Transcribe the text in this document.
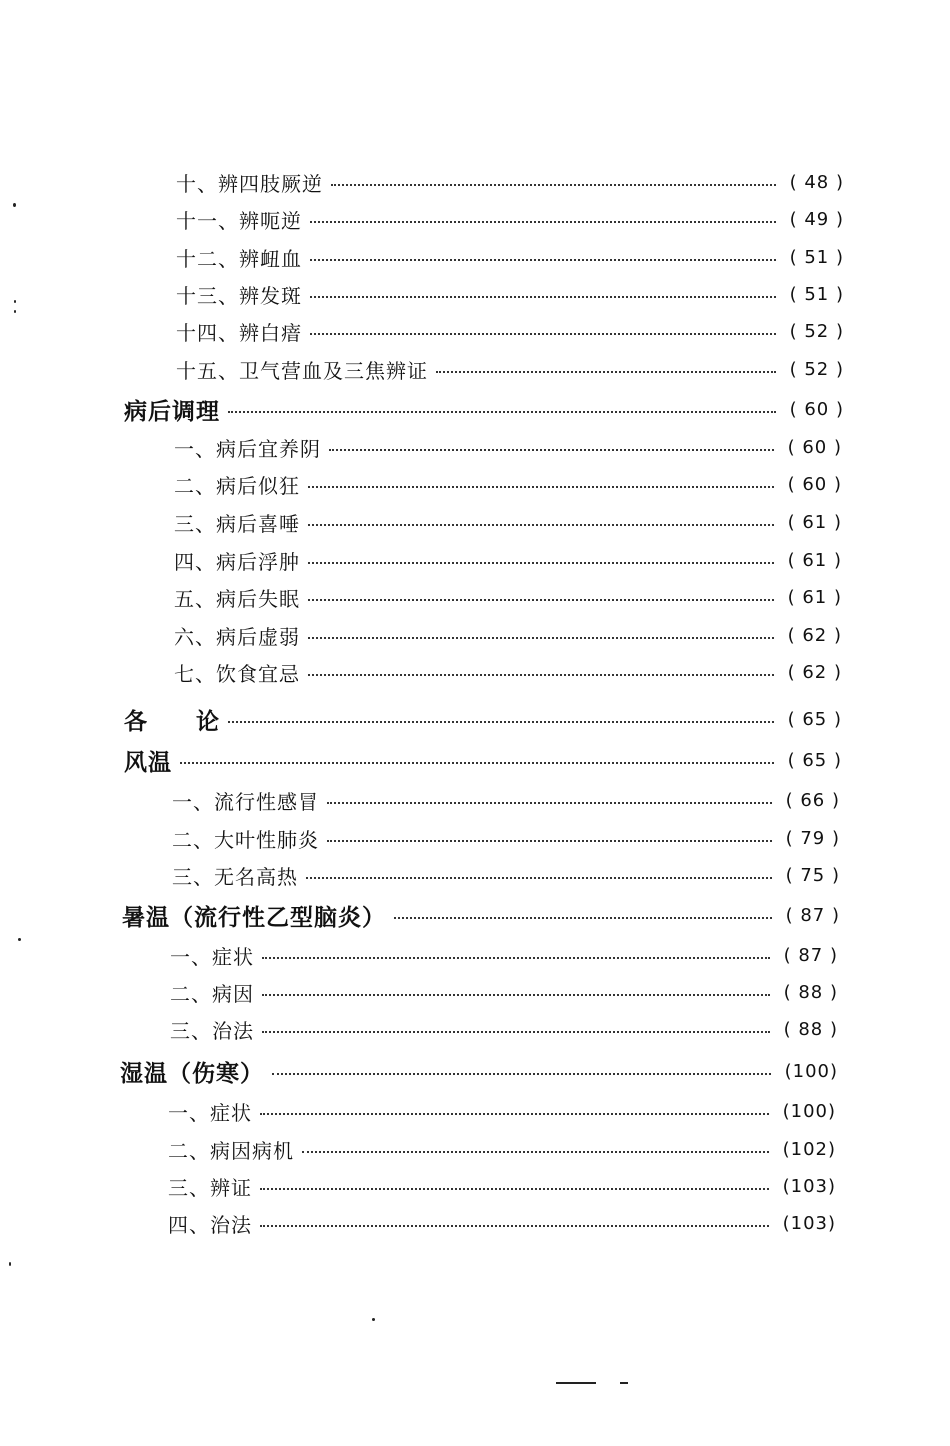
十、辨四肢厥逆	( 48 )
十一、辨呃逆	( 49 )
十二、辨衄血	( 51 )
十三、辨发斑	( 51 )
十四、辨白瘖	( 52 )
十五、卫气营血及三焦辨证	( 52 )
病后调理	( 60 )
一、病后宜养阴	( 60 )
二、病后似狂	( 60 )
三、病后喜唾	( 61 )
四、病后浮肿	( 61 )
五、病后失眠	( 61 )
六、病后虚弱	( 62 )
七、饮食宜忌	( 62 )
各　　论	( 65 )
风温	( 65 )
一、流行性感冒	( 66 )
二、大叶性肺炎	( 79 )
三、无名高热	( 75 )
暑温（流行性乙型脑炎）	( 87 )
一、症状	( 87 )
二、病因	( 88 )
三、治法	( 88 )
湿温（伤寒）	(100)
一、症状	(100)
二、病因病机	(102)
三、辨证	(103)
四、治法	(103)
